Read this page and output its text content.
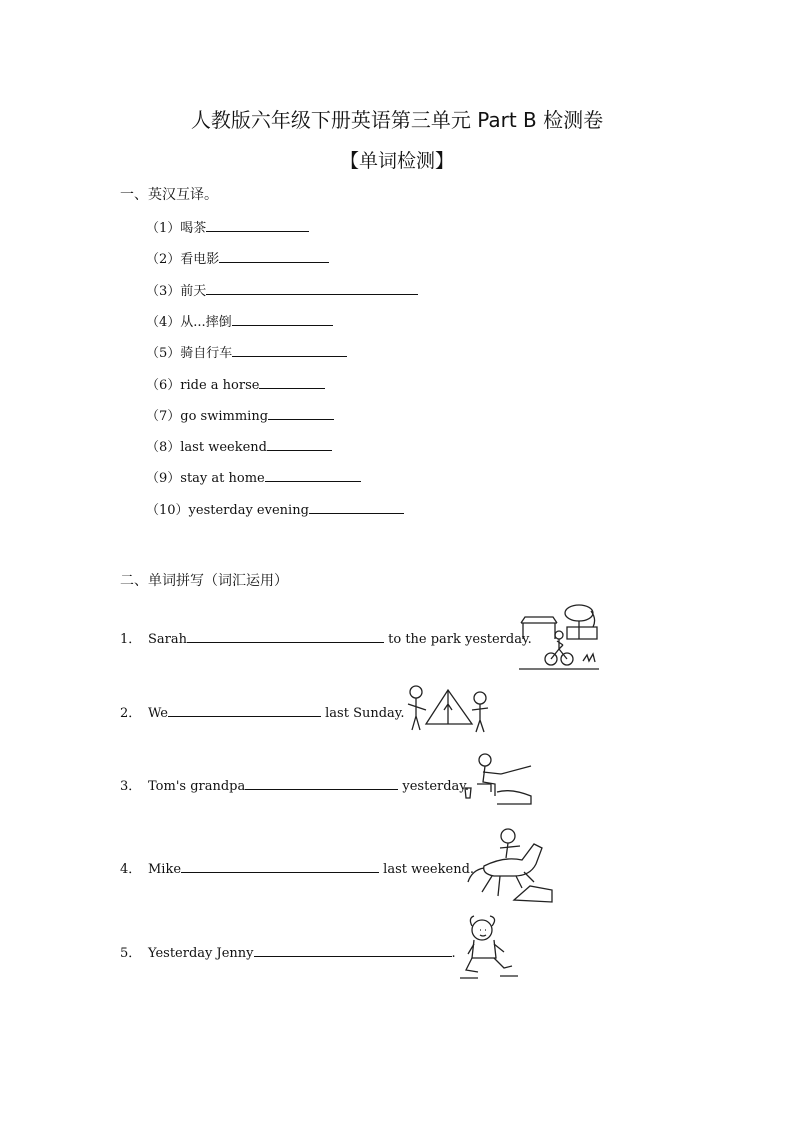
人教版六年级下册英语第三单元 Part B 检测卷
【单词检测】
一、英汉互译。
（1）喝茶
（2）看电影
（3）前天
（4）从...摔倒
（5）骑自行车
（6）ride a horse
（7）go swimming
（8）last weekend
（9）stay at home
（10）yesterday evening
二、单词拼写（词汇运用）
1． Sarah	to the park yesterday.
2． We	last Sunday.
3． Tom's grandpa	yesterday.
4． Mike	last weekend.
5． Yesterday Jenny	.
